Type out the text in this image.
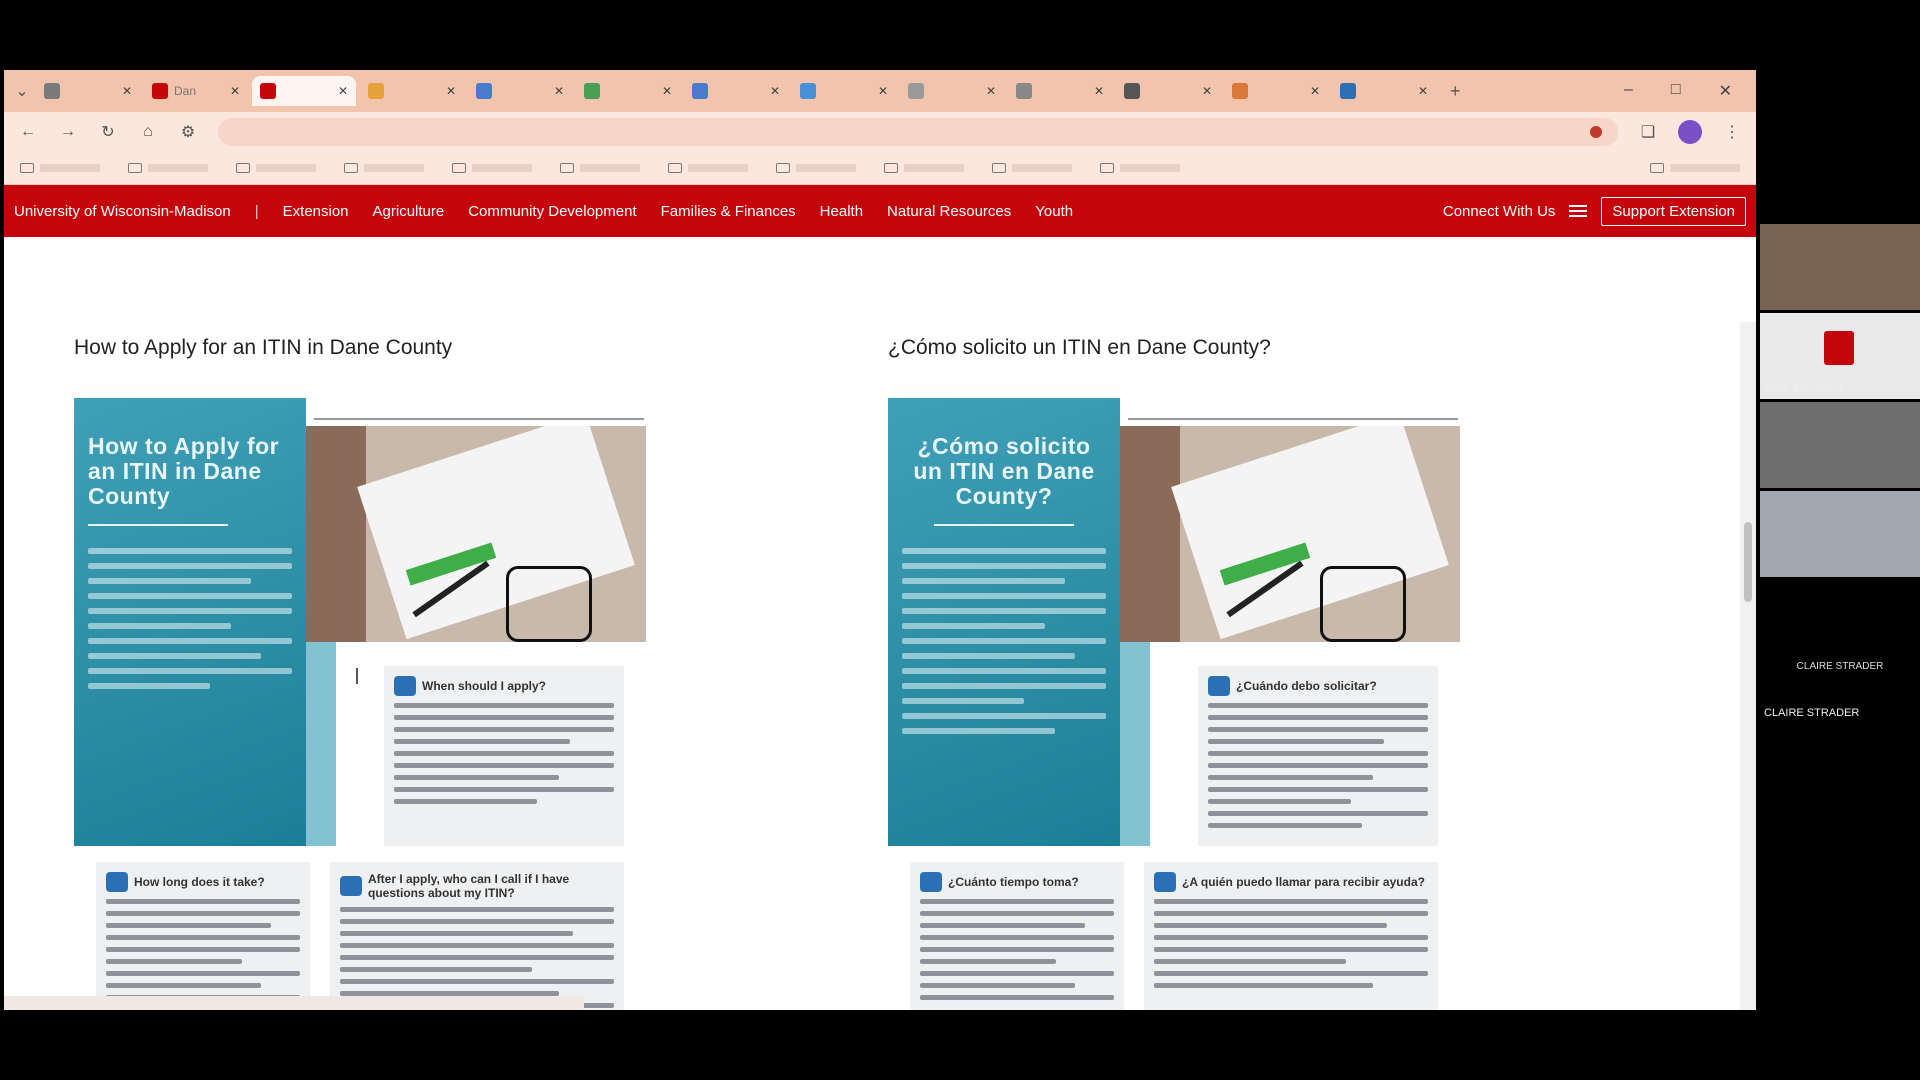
⌄	✕	Dan	✕	✕	✕	✕	✕	✕	✕	✕	✕	✕	✕	✕	+	– □ ✕
← → ↻	⌂	⚙	❏	⋮
University of Wisconsin-Madison | Extension Agriculture Community Development Families & Finances Health Natural Resources Youth	Connect With Us	Support Extension
How to Apply for an ITIN in Dane County	¿Cómo solicito un ITIN en Dane County?
How to Apply for an ITIN in Dane County
When should I apply?
How long does it take?	After I apply, who can I call if I have questions about my ITIN?
¿Cómo solicito un ITIN en Dane County?
¿Cuándo debo solicitar?
¿Cuánto tiempo toma?	¿A quién puedo llamar para recibir ayuda?
Dane Extension
CLAIRE STRADER
CLAIRE STRADER
